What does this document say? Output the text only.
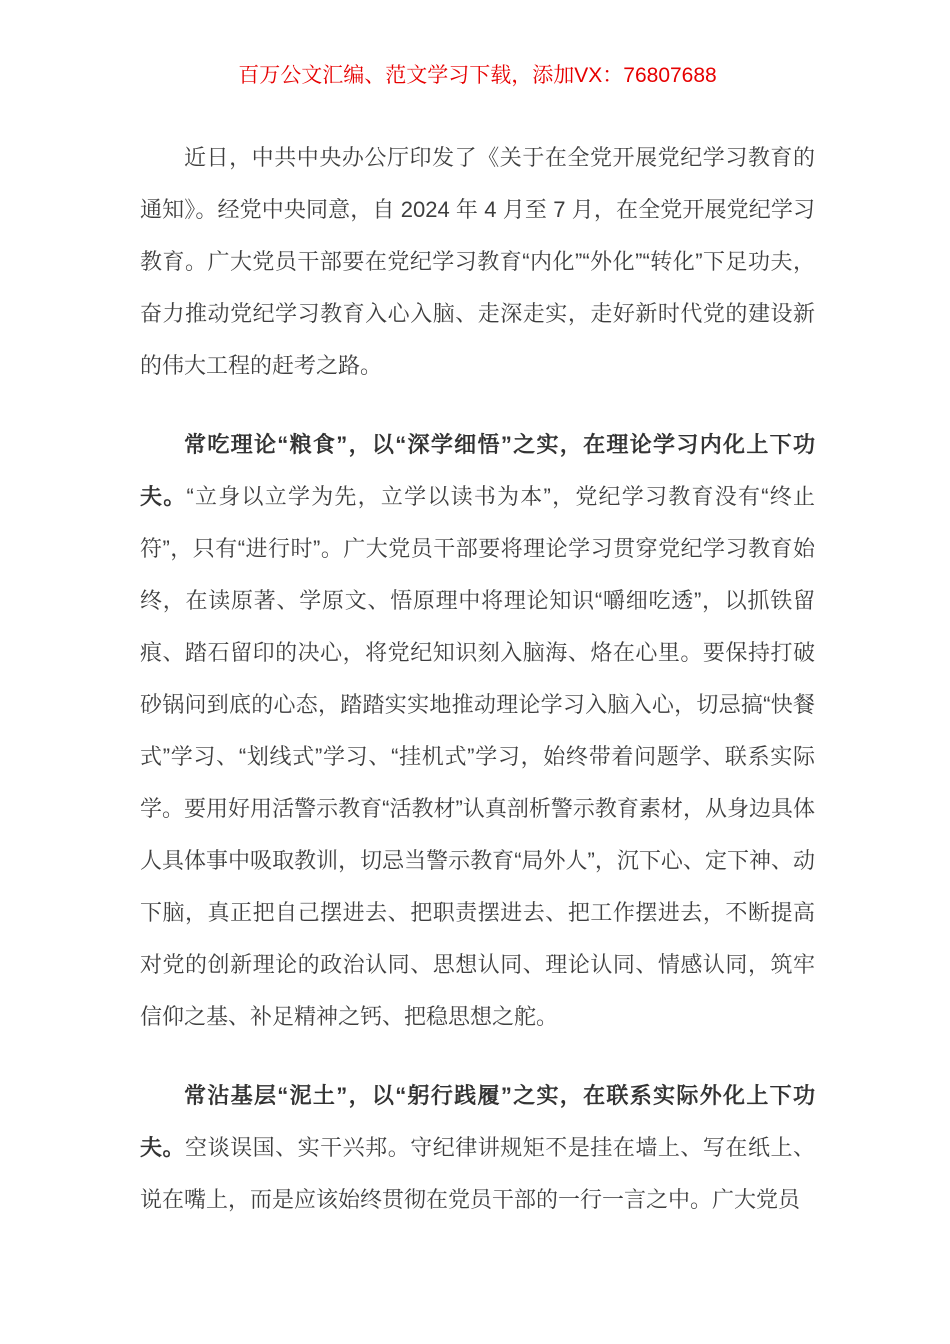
百万公文汇编、范文学习下载，添加VX：76807688

近日，中共中央办公厅印发了《关于在全党开展党纪学习教育的通知》。经党中央同意，自 2024 年 4 月至 7 月，在全党开展党纪学习教育。广大党员干部要在党纪学习教育“内化”“外化”“转化”下足功夫，奋力推动党纪学习教育入心入脑、走深走实，走好新时代党的建设新的伟大工程的赶考之路。

常吃理论“粮食”，以“深学细悟”之实，在理论学习内化上下功夫。“立身以立学为先，立学以读书为本”，党纪学习教育没有“终止符”，只有“进行时”。广大党员干部要将理论学习贯穿党纪学习教育始终，在读原著、学原文、悟原理中将理论知识“嚼细吃透”，以抓铁留痕、踏石留印的决心，将党纪知识刻入脑海、烙在心里。要保持打破砂锅问到底的心态，踏踏实实地推动理论学习入脑入心，切忌搞“快餐式”学习、“划线式”学习、“挂机式”学习，始终带着问题学、联系实际学。要用好用活警示教育“活教材”认真剖析警示教育素材，从身边具体人具体事中吸取教训，切忌当警示教育“局外人”，沉下心、定下神、动下脑，真正把自己摆进去、把职责摆进去、把工作摆进去，不断提高对党的创新理论的政治认同、思想认同、理论认同、情感认同，筑牢信仰之基、补足精神之钙、把稳思想之舵。

常沾基层“泥土”，以“躬行践履”之实，在联系实际外化上下功夫。空谈误国、实干兴邦。守纪律讲规矩不是挂在墙上、写在纸上、说在嘴上，而是应该始终贯彻在党员干部的一行一言之中。广大党员
